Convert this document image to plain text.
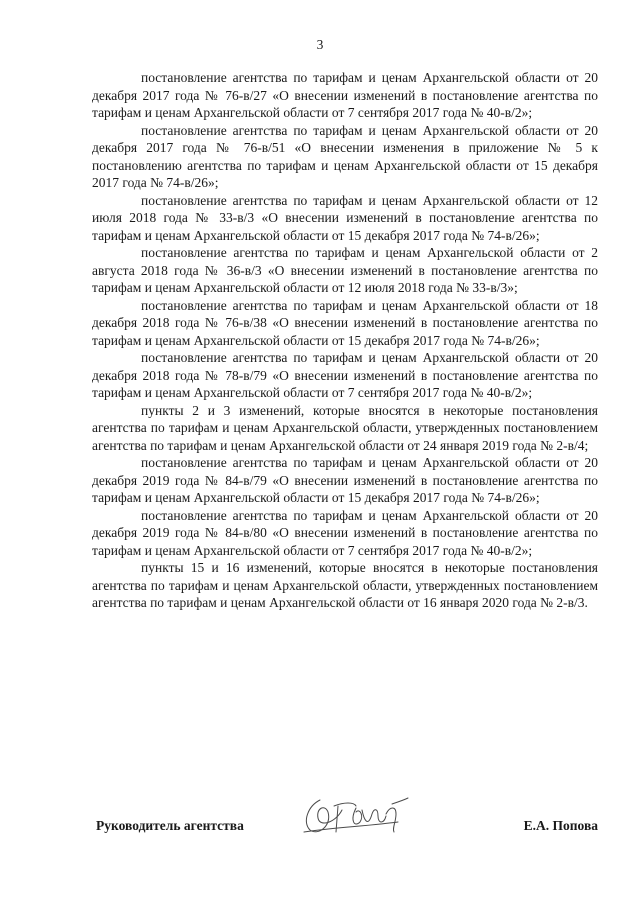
3

постановление агентства по тарифам и ценам Архангельской области от 20 декабря 2017 года № 76-в/27 «О внесении изменений в постановление агентства по тарифам и ценам Архангельской области от 7 сентября 2017 года № 40-в/2»;

постановление агентства по тарифам и ценам Архангельской области от 20 декабря 2017 года № 76-в/51 «О внесении изменения в приложение № 5 к постановлению агентства по тарифам и ценам Архангельской области от 15 декабря 2017 года № 74-в/26»;

постановление агентства по тарифам и ценам Архангельской области от 12 июля 2018 года № 33-в/3 «О внесении изменений в постановление агентства по тарифам и ценам Архангельской области от 15 декабря 2017 года № 74-в/26»;

постановление агентства по тарифам и ценам Архангельской области от 2 августа 2018 года № 36-в/3 «О внесении изменений в постановление агентства по тарифам и ценам Архангельской области от 12 июля 2018 года № 33-в/3»;

постановление агентства по тарифам и ценам Архангельской области от 18 декабря 2018 года № 76-в/38 «О внесении изменений в постановление агентства по тарифам и ценам Архангельской области от 15 декабря 2017 года № 74-в/26»;

постановление агентства по тарифам и ценам Архангельской области от 20 декабря 2018 года № 78-в/79 «О внесении изменений в постановление агентства по тарифам и ценам Архангельской области от 7 сентября 2017 года № 40-в/2»;

пункты 2 и 3 изменений, которые вносятся в некоторые постановления агентства по тарифам и ценам Архангельской области, утвержденных постановлением агентства по тарифам и ценам Архангельской области от 24 января 2019 года № 2-в/4;

постановление агентства по тарифам и ценам Архангельской области от 20 декабря 2019 года № 84-в/79 «О внесении изменений в постановление агентства по тарифам и ценам Архангельской области от 15 декабря 2017 года № 74-в/26»;

постановление агентства по тарифам и ценам Архангельской области от 20 декабря 2019 года № 84-в/80 «О внесении изменений в постановление агентства по тарифам и ценам Архангельской области от 7 сентября 2017 года № 40-в/2»;

пункты 15 и 16 изменений, которые вносятся в некоторые постановления агентства по тарифам и ценам Архангельской области, утвержденных постановлением агентства по тарифам и ценам Архангельской области от 16 января 2020 года № 2-в/3.

Руководитель агентства	Е.А. Попова
